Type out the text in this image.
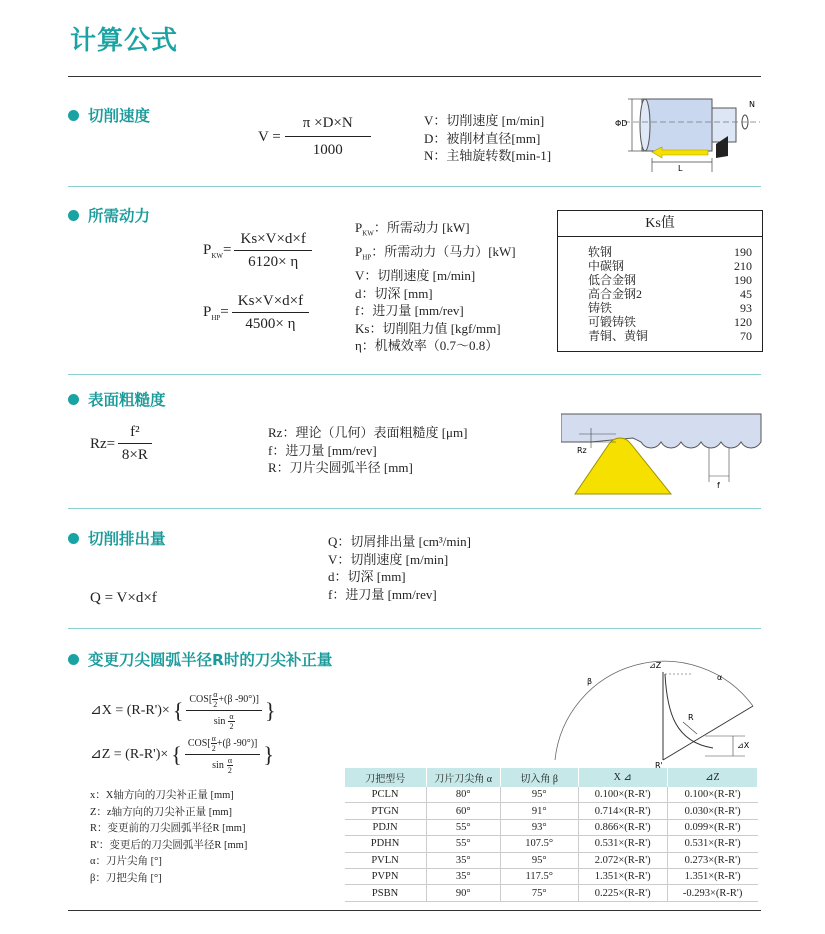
计算公式
切削速度
$V = \frac{\pi \times D\times N}{1000}$	V：切削速度 [m/min]
D：被削材直径[mm]
N：主轴旋转数[min-1]
ΦD
N
L
所需动力
$P_{KW}= \frac{Ks\times V\times d\times f}{6120\times \eta}$
$P_{HP}= \frac{Ks\times V\times d\times f}{4500\times \eta}$
$P_{KW}$：所需动力 [kW]
$P_{HP}$：所需动力（马力）[kW]
V：切削速度 [m/min]
d：切深 [mm]
f：进刀量 [mm/rev]
Ks：切削阻力值 [kgf/mm]
η：机械效率（0.7～0.8）
Ks值
软钢	190
中碳钢	210
低合金钢	190
高合金钢2	45
铸铁	93
可锻铸铁	120
青铜、黄铜	70
表面粗糙度
$Rz= \frac{\text{f²}}{8\times R}$	Rz：理论（几何）表面粗糙度 [μm]
f：进刀量 [mm/rev]
R：刀片尖圆弧半径 [mm]
Rz
f
切削排出量
Q = V×d×f
Q：切屑排出量 [cm³/min]
V：切削速度 [m/min]
d：切深 [mm]
f：进刀量 [mm/rev]
变更刀尖圆弧半径R时的刀尖补正量
⊿X = (R-R')× { $\frac{COS[ \frac{\alpha}{2} +(\beta -90^\circ)]}{\sin \frac{\alpha}{2}}$ }
⊿Z = (R-R')× { $\frac{COS[ \frac{\alpha}{2} +(\beta -90^\circ)]}{\sin \frac{\alpha}{2}}$ }
x：X轴方向的刀尖补正量 [mm]
Z：z轴方向的刀尖补正量 [mm]
R：变更前的刀尖圆弧半径R [mm]
R'：变更后的刀尖圆弧半径R [mm]
α：刀片尖角 [°]
β：刀把尖角 [°]
⊿Z
β	α
R
⊿X
R'
刀把型号	刀片刀尖角 α	切入角 β	X ⊿	⊿Z
PCLN	80°	95°	0.100×(R-R')	0.100×(R-R')
PTGN	60°	91°	0.714×(R-R')	0.030×(R-R')
PDJN	55°	93°	0.866×(R-R')	0.099×(R-R')
PDHN	55°	107.5°	0.531×(R-R')	0.531×(R-R')
PVLN	35°	95°	2.072×(R-R')	0.273×(R-R')
PVPN	35°	117.5°	1.351×(R-R')	1.351×(R-R')
PSBN	90°	75°	0.225×(R-R')	-0.293×(R-R')
